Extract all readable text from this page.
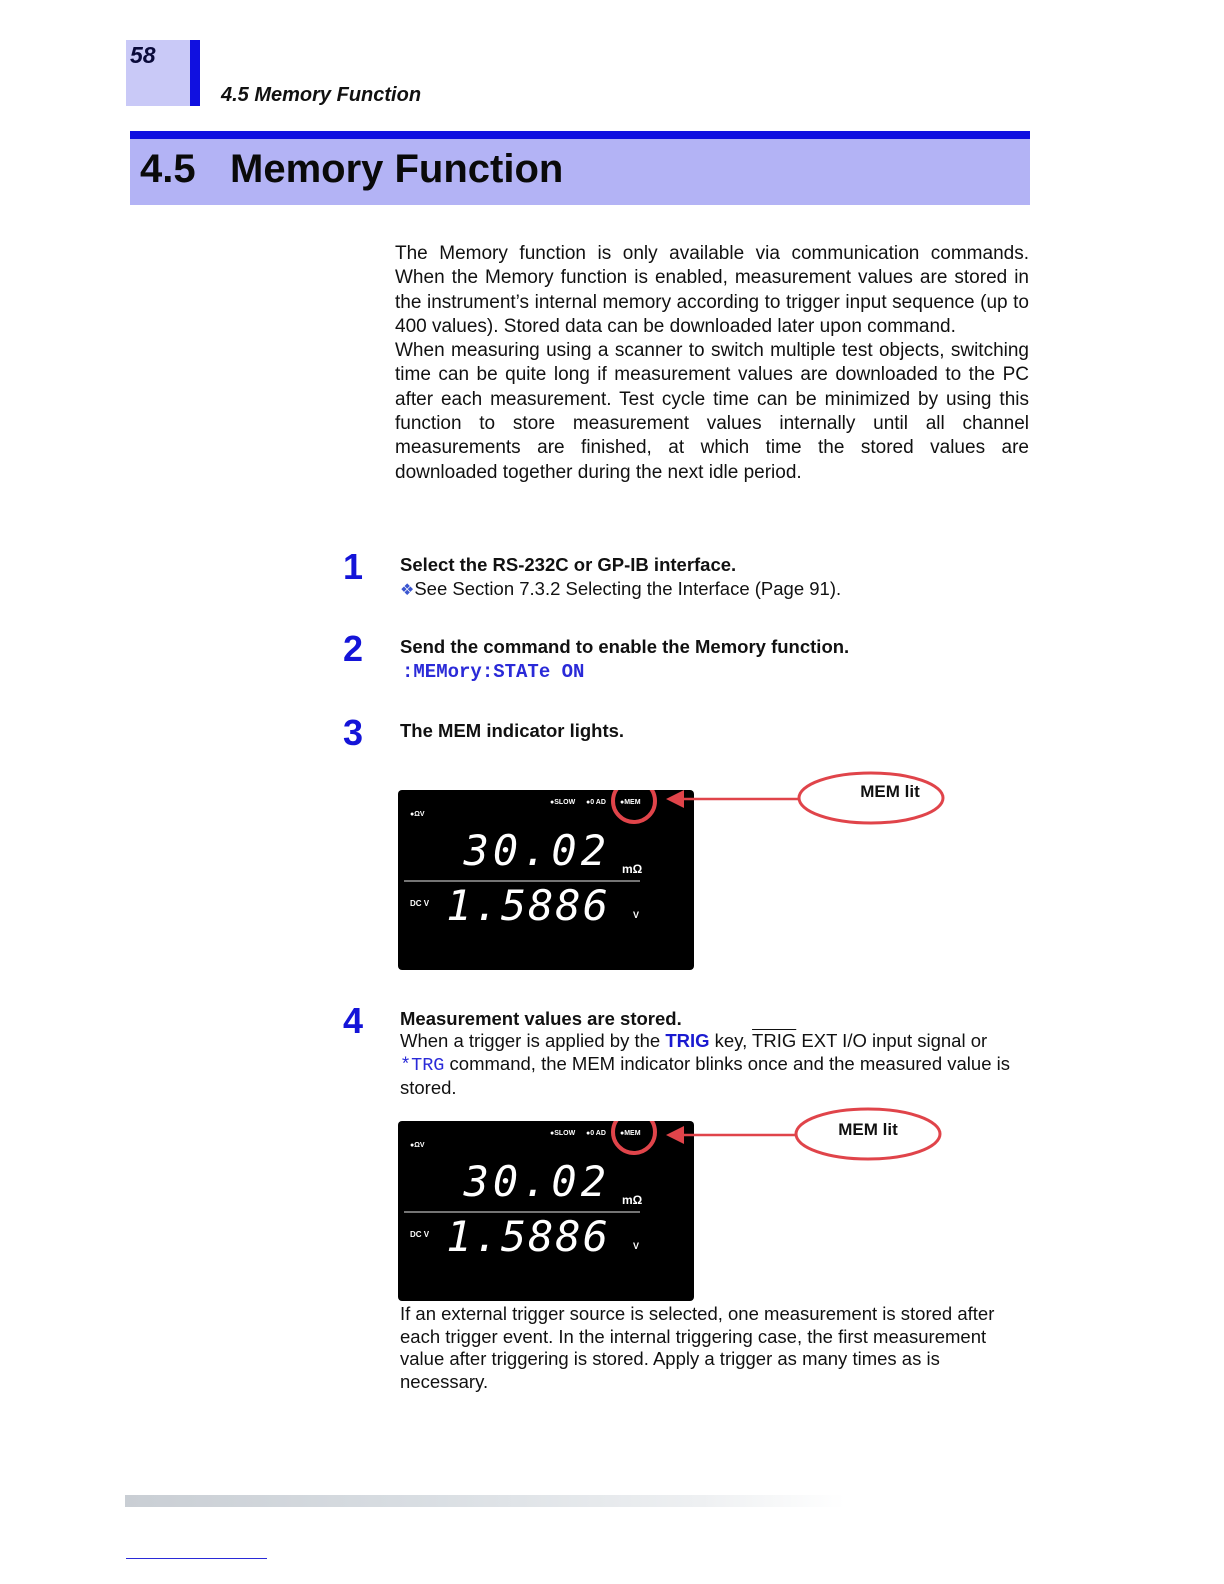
58
4.5 Memory Function
4.5 Memory Function

The Memory function is only available via communication commands. When the Memory function is enabled, measurement values are stored in the instrument’s internal memory according to trigger input sequence (up to 400 values). Stored data can be downloaded later upon command.

When measuring using a scanner to switch multiple test objects, switching time can be quite long if measurement values are downloaded to the PC after each measurement. Test cycle time can be minimized by using this function to store measurement values internally until all channel measurements are finished, at which time the stored values are downloaded together during the next idle period.

1 Select the RS-232C or GP-IB interface.
❖See Section 7.3.2 Selecting the Interface (Page 91).
2 Send the command to enable the Memory function.
:MEMory:STATe ON
3 The MEM indicator lights.
●SLOW ●0 AD ●MEM
●ΩV
30.02 mΩ
DC V 1.5886	V
MEM lit
4 Measurement values are stored.

When a trigger is applied by the TRIG key, TRIG EXT I/O input signal or

*TRG command, the MEM indicator blinks once and the measured value is stored.

●SLOW ●0 AD ●MEM
●ΩV
30.02 mΩ
DC V 1.5886	V
MEM lit
If an external trigger source is selected, one measurement is stored after each trigger event. In the internal triggering case, the first measurement value after triggering is stored. Apply a trigger as many times as is necessary.
